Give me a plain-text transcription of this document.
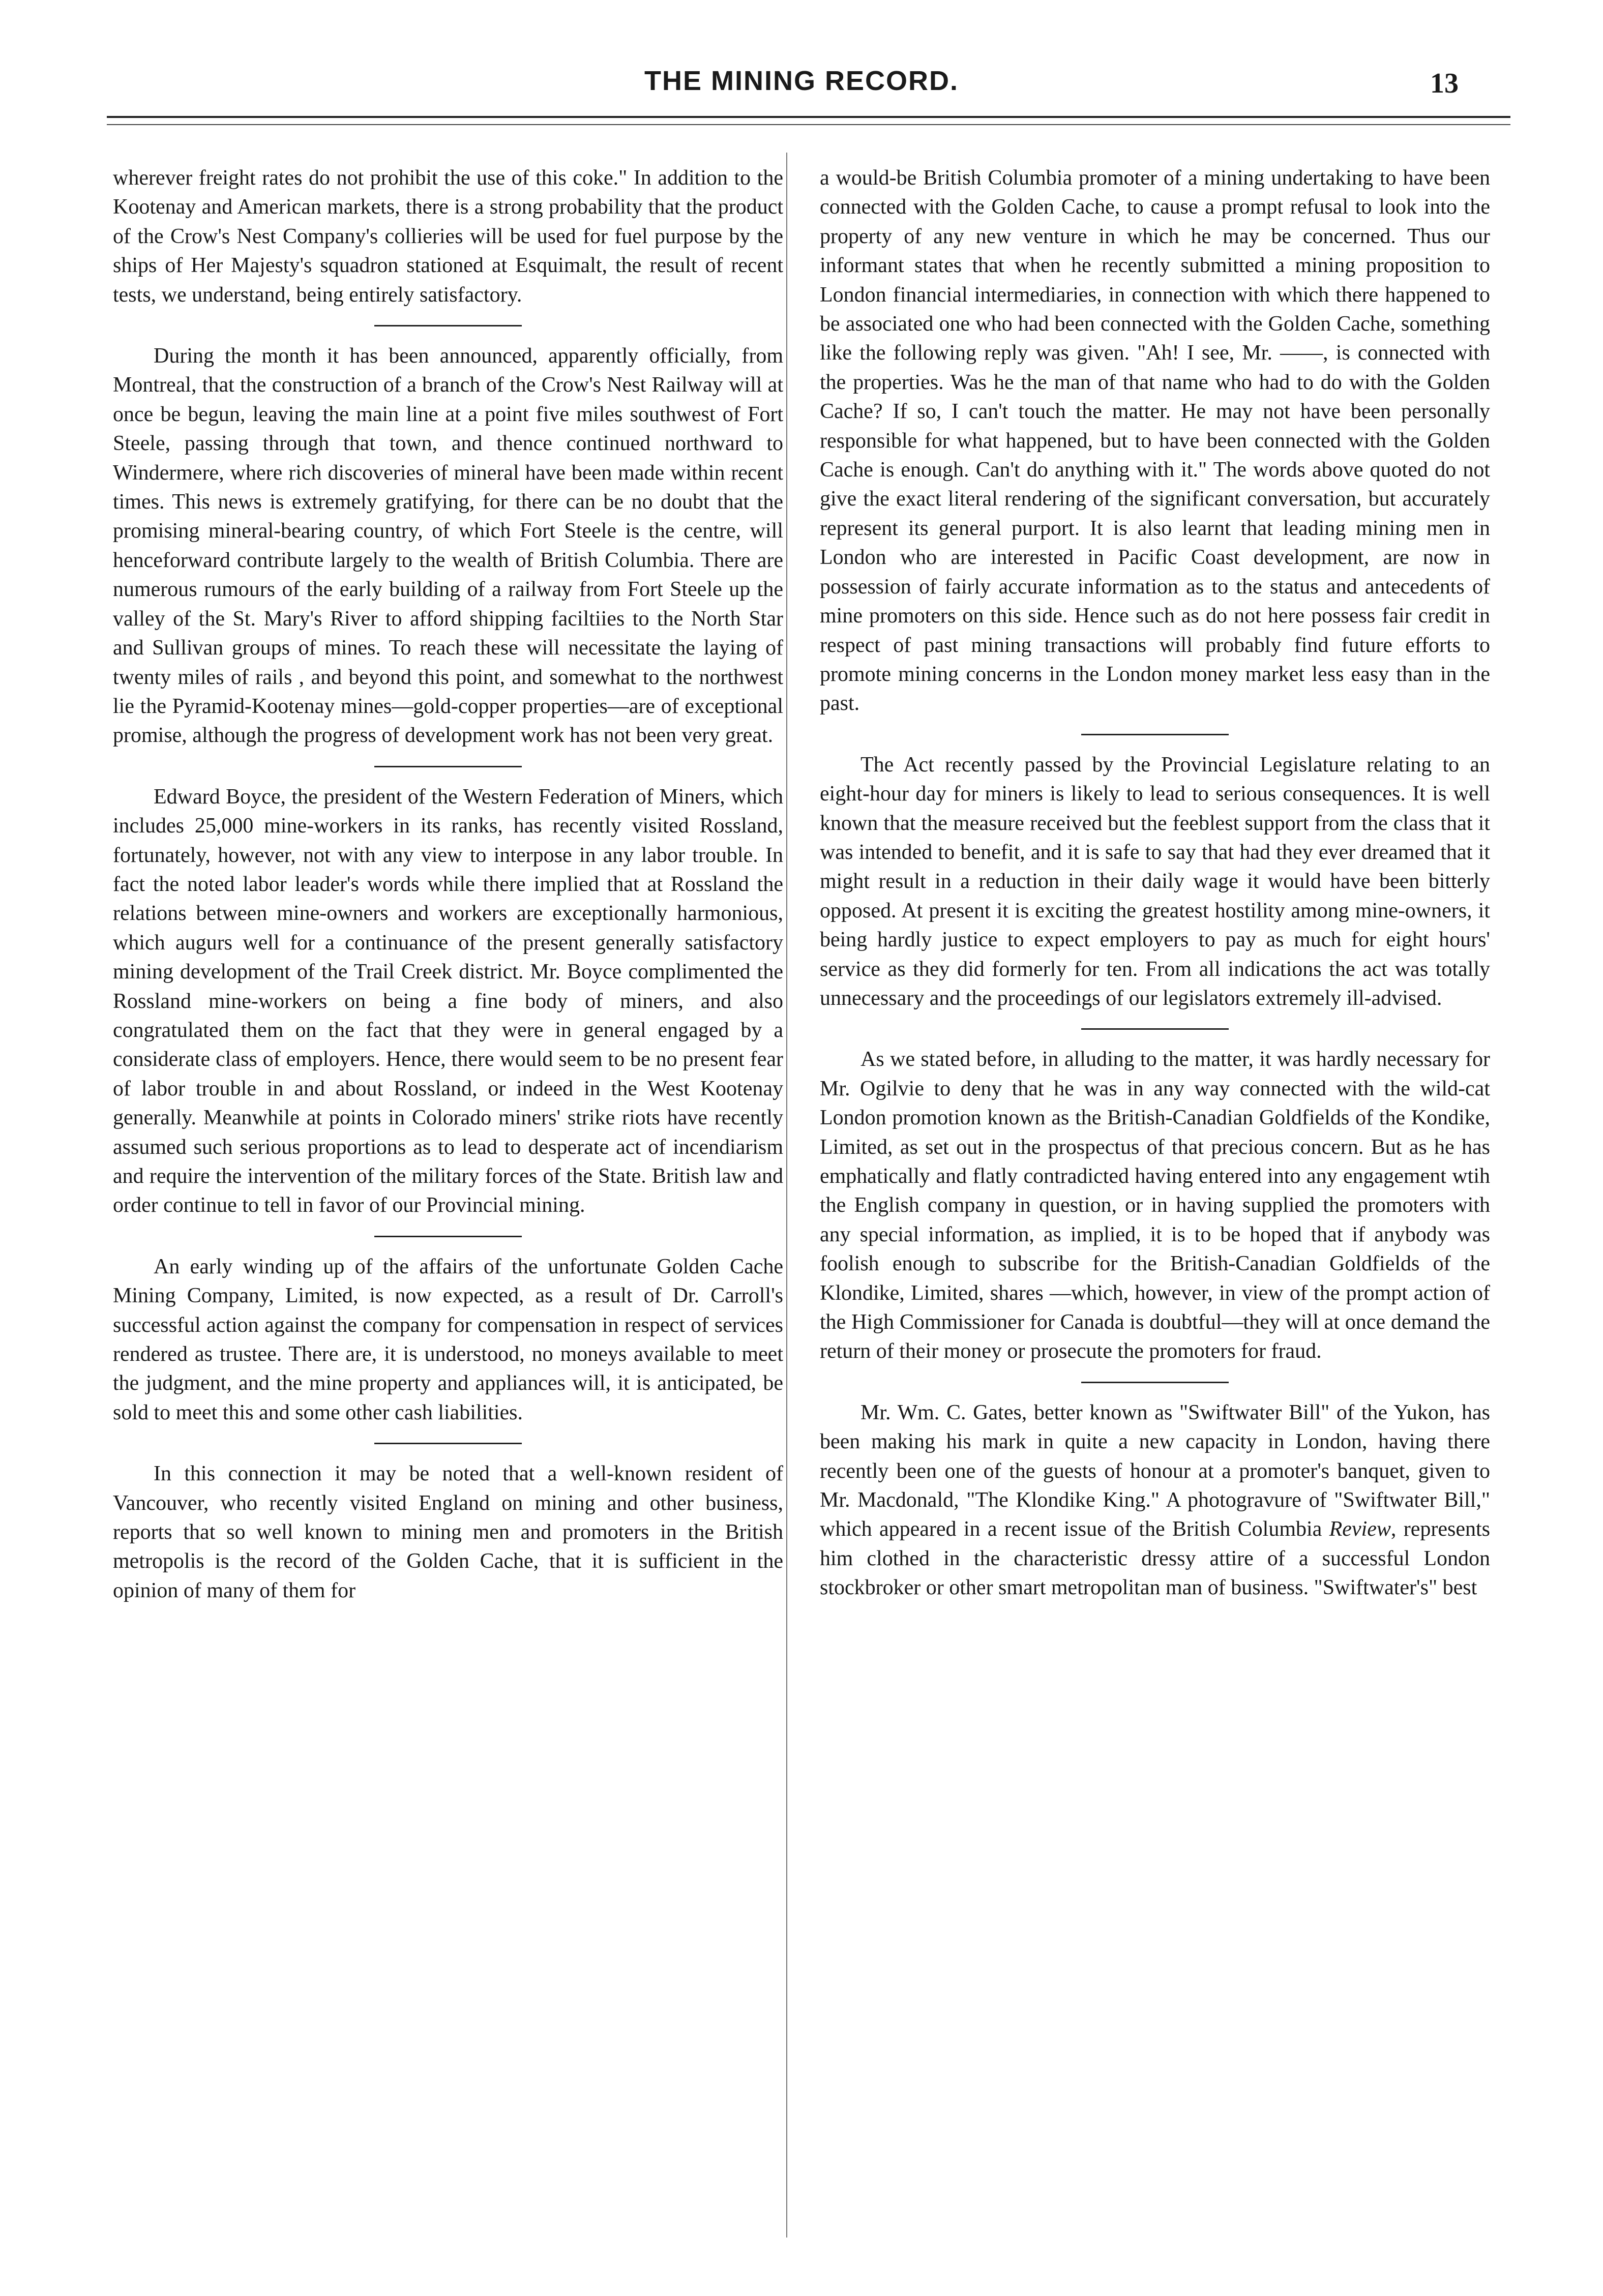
THE MINING RECORD.	13

wherever freight rates do not prohibit the use of this coke." In addition to the Kootenay and American markets, there is a strong probability that the product of the Crow's Nest Company's collieries will be used for fuel purpose by the ships of Her Majesty's squadron stationed at Esquimalt, the result of recent tests, we understand, being entirely satisfactory.

During the month it has been announced, apparently officially, from Montreal, that the construction of a branch of the Crow's Nest Railway will at once be begun, leaving the main line at a point five miles southwest of Fort Steele, passing through that town, and thence continued northward to Windermere, where rich discoveries of mineral have been made within recent times. This news is extremely gratifying, for there can be no doubt that the promising mineral-bearing country, of which Fort Steele is the centre, will henceforward contribute largely to the wealth of British Columbia. There are numerous rumours of the early building of a railway from Fort Steele up the valley of the St. Mary's River to afford shipping faciltiies to the North Star and Sullivan groups of mines. To reach these will necessitate the laying of twenty miles of rails , and beyond this point, and somewhat to the northwest lie the Pyramid-Kootenay mines—gold-copper properties—are of exceptional promise, although the progress of development work has not been very great.

Edward Boyce, the president of the Western Federation of Miners, which includes 25,000 mine-workers in its ranks, has recently visited Rossland, fortunately, however, not with any view to interpose in any labor trouble. In fact the noted labor leader's words while there implied that at Rossland the relations between mine-owners and workers are exceptionally harmonious, which augurs well for a continuance of the present generally satisfactory mining development of the Trail Creek district. Mr. Boyce complimented the Rossland mine-workers on being a fine body of miners, and also congratulated them on the fact that they were in general engaged by a considerate class of employers. Hence, there would seem to be no present fear of labor trouble in and about Rossland, or indeed in the West Kootenay generally. Meanwhile at points in Colorado miners' strike riots have recently assumed such serious proportions as to lead to desperate act of incendiarism and require the intervention of the military forces of the State. British law and order continue to tell in favor of our Provincial mining.

An early winding up of the affairs of the unfortunate Golden Cache Mining Company, Limited, is now expected, as a result of Dr. Carroll's successful action against the company for compensation in respect of services rendered as trustee. There are, it is understood, no moneys available to meet the judgment, and the mine property and appliances will, it is anticipated, be sold to meet this and some other cash liabilities.

In this connection it may be noted that a well-known resident of Vancouver, who recently visited England on mining and other business, reports that so well known to mining men and promoters in the British metropolis is the record of the Golden Cache, that it is sufficient in the opinion of many of them for

a would-be British Columbia promoter of a mining undertaking to have been connected with the Golden Cache, to cause a prompt refusal to look into the property of any new venture in which he may be concerned. Thus our informant states that when he recently submitted a mining proposition to London financial intermediaries, in connection with which there happened to be associated one who had been connected with the Golden Cache, something like the following reply was given. "Ah! I see, Mr. ——, is connected with the properties. Was he the man of that name who had to do with the Golden Cache? If so, I can't touch the matter. He may not have been personally responsible for what happened, but to have been connected with the Golden Cache is enough. Can't do anything with it." The words above quoted do not give the exact literal rendering of the significant conversation, but accurately represent its general purport. It is also learnt that leading mining men in London who are interested in Pacific Coast development, are now in possession of fairly accurate information as to the status and antecedents of mine promoters on this side. Hence such as do not here possess fair credit in respect of past mining transactions will probably find future efforts to promote mining concerns in the London money market less easy than in the past.

The Act recently passed by the Provincial Legislature relating to an eight-hour day for miners is likely to lead to serious consequences. It is well known that the measure received but the feeblest support from the class that it was intended to benefit, and it is safe to say that had they ever dreamed that it might result in a reduction in their daily wage it would have been bitterly opposed. At present it is exciting the greatest hostility among mine-owners, it being hardly justice to expect employers to pay as much for eight hours' service as they did formerly for ten. From all indications the act was totally unnecessary and the proceedings of our legislators extremely ill-advised.

As we stated before, in alluding to the matter, it was hardly necessary for Mr. Ogilvie to deny that he was in any way connected with the wild-cat London promotion known as the British-Canadian Goldfields of the Kondike, Limited, as set out in the prospectus of that precious concern. But as he has emphatically and flatly contradicted having entered into any engagement wtih the English company in question, or in having supplied the promoters with any special information, as implied, it is to be hoped that if anybody was foolish enough to subscribe for the British-Canadian Goldfields of the Klondike, Limited, shares —which, however, in view of the prompt action of the High Commissioner for Canada is doubtful—they will at once demand the return of their money or prosecute the promoters for fraud.

Mr. Wm. C. Gates, better known as "Swiftwater Bill" of the Yukon, has been making his mark in quite a new capacity in London, having there recently been one of the guests of honour at a promoter's banquet, given to Mr. Macdonald, "The Klondike King." A photogravure of "Swiftwater Bill," which appeared in a recent issue of the British Columbia Review, represents him clothed in the characteristic dressy attire of a successful London stockbroker or other smart metropolitan man of business. "Swiftwater's" best
